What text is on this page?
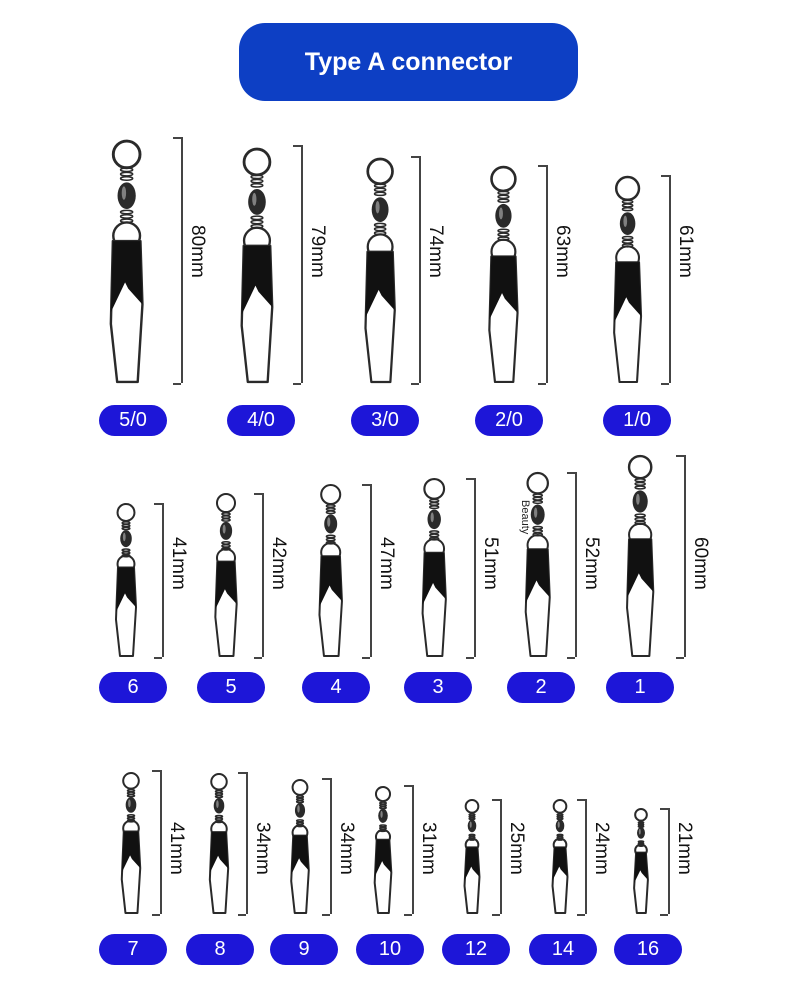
Type A connector
80mm
5/0
79mm
4/0
74mm
3/0
63mm
2/0
61mm
1/0
41mm
6
42mm
5
47mm
4
51mm
3
52mm
2
60mm
1
41mm
7
34mm
8
34mm
9
31mm
10
25mm
12
24mm
14
21mm
16
Beauty
